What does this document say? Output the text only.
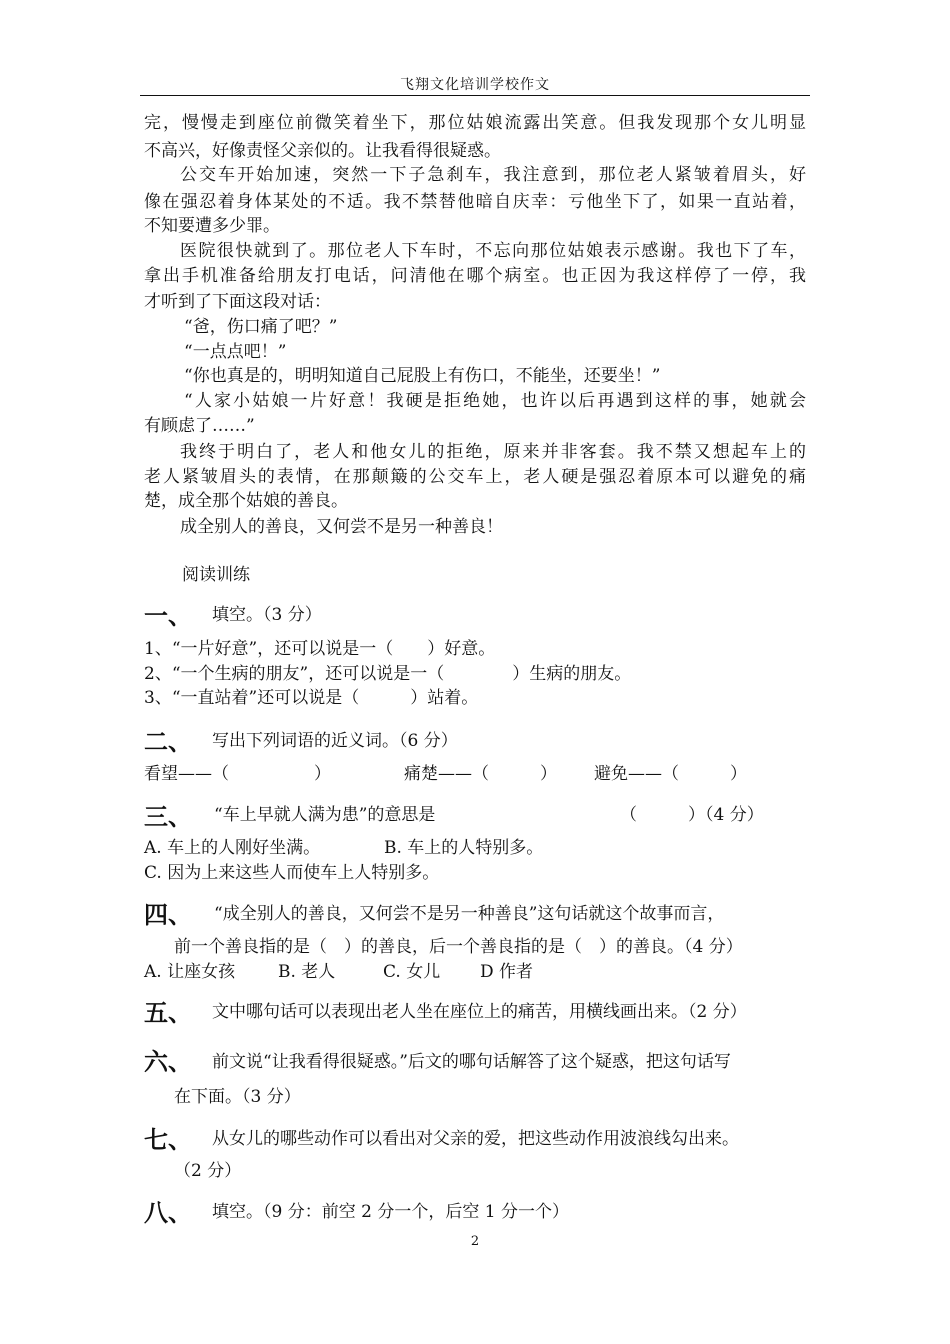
飞翔文化培训学校作文
完，慢慢走到座位前微笑着坐下，那位姑娘流露出笑意。但我发现那个女儿明显
不高兴，好像责怪父亲似的。让我看得很疑惑。
公交车开始加速，突然一下子急刹车，我注意到，那位老人紧皱着眉头，好
像在强忍着身体某处的不适。我不禁替他暗自庆幸：亏他坐下了，如果一直站着，
不知要遭多少罪。
医院很快就到了。那位老人下车时，不忘向那位姑娘表示感谢。我也下了车，
拿出手机准备给朋友打电话，问清他在哪个病室。也正因为我这样停了一停，我
才听到了下面这段对话：
“爸，伤口痛了吧？”
“一点点吧！”
“你也真是的，明明知道自己屁股上有伤口，不能坐，还要坐！”
“人家小姑娘一片好意！我硬是拒绝她，也许以后再遇到这样的事，她就会
有顾虑了……”
我终于明白了，老人和他女儿的拒绝，原来并非客套。我不禁又想起车上的
老人紧皱眉头的表情，在那颠簸的公交车上，老人硬是强忍着原本可以避免的痛
楚，成全那个姑娘的善良。
成全别人的善良，又何尝不是另一种善良！
阅读训练
一、 填空。（3 分）
1、“一片好意”，还可以说是一（　　）好意。
2、“一个生病的朋友”，还可以说是一（　　　　）生病的朋友。
3、“一直站着”还可以说是（　　　）站着。
二、 写出下列词语的近义词。（6 分）
看望——（　　　　　）	痛楚——（　　　） 避免——（　　　）
三、 “车上早就人满为患”的意思是	（　　　）（4 分）
A. 车上的人刚好坐满。	B. 车上的人特别多。
C. 因为上来这些人而使车上人特别多。
四、 “成全别人的善良，又何尝不是另一种善良”这句话就这个故事而言，
前一个善良指的是（　）的善良，后一个善良指的是（　）的善良。（4 分）
A. 让座女孩	B. 老人	C. 女儿 D 作者
五、 文中哪句话可以表现出老人坐在座位上的痛苦，用横线画出来。（2 分）
六、 前文说“让我看得很疑惑。”后文的哪句话解答了这个疑惑，把这句话写
在下面。（3 分）
七、 从女儿的哪些动作可以看出对父亲的爱，把这些动作用波浪线勾出来。
（2 分）
八、 填空。（9 分：前空 2 分一个，后空 1 分一个）
2
